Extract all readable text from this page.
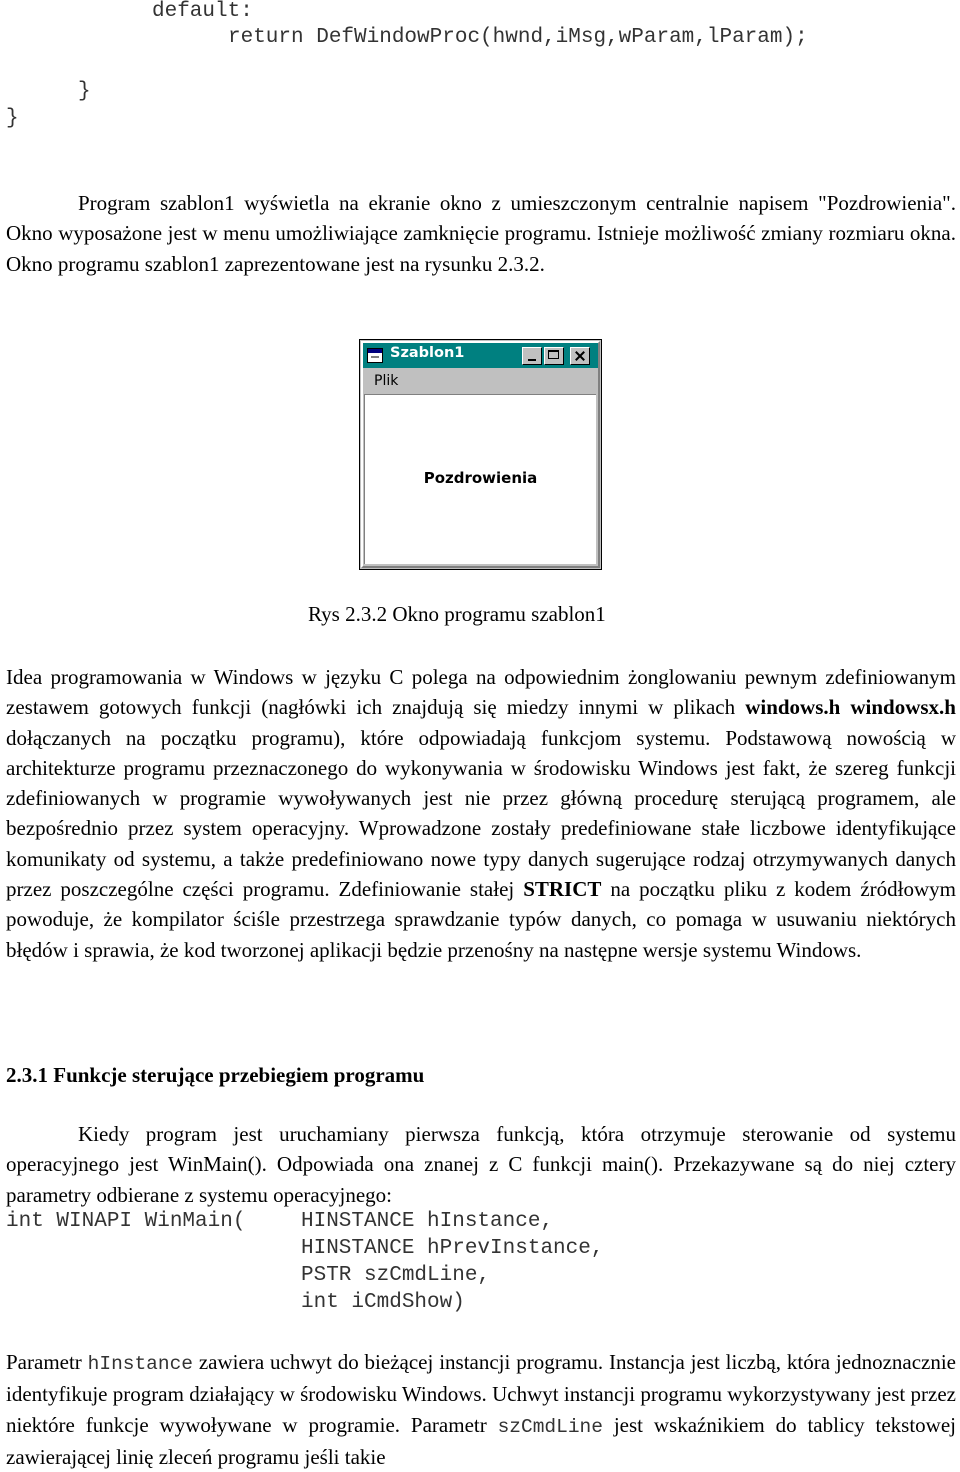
default:
return DefWindowProc(hwnd,iMsg,wParam,lParam);
}
}
Program szablon1 wyświetla na ekranie okno z umieszczonym centralnie napisem "Pozdrowienia". Okno wyposażone jest w menu umożliwiające zamknięcie programu. Istnieje możliwość zmiany rozmiaru okna. Okno programu szablon1 zaprezentowane jest na rysunku 2.3.2.
Szablon1
Plik
Pozdrowienia
Rys 2.3.2 Okno programu szablon1
Idea programowania w Windows w języku C polega na odpowiednim żonglowaniu pewnym zdefiniowanym zestawem gotowych funkcji (nagłówki ich znajdują się miedzy innymi w plikach windows.h windowsx.h dołączanych na początku programu), które odpowiadają funkcjom systemu. Podstawową nowością w architekturze programu przeznaczonego do wykonywania w środowisku Windows jest fakt, że szereg funkcji zdefiniowanych w programie wywoływanych jest nie przez główną procedurę sterującą programem, ale bezpośrednio przez system operacyjny. Wprowadzone zostały predefiniowane stałe liczbowe identyfikujące komunikaty od systemu, a także predefiniowano nowe typy danych sugerujące rodzaj otrzymywanych danych przez poszczególne części programu. Zdefiniowanie stałej STRICT na początku pliku z kodem źródłowym powoduje, że kompilator ściśle przestrzega sprawdzanie typów danych, co pomaga w usuwaniu niektórych błędów i sprawia, że kod tworzonej aplikacji będzie przenośny na następne wersje systemu Windows.
2.3.1 Funkcje sterujące przebiegiem programu
Kiedy program jest uruchamiany pierwsza funkcją, która otrzymuje sterowanie od systemu operacyjnego jest WinMain(). Odpowiada ona znanej z C funkcji main(). Przekazywane są do niej cztery parametry odbierane z systemu operacyjnego:
int WINAPI WinMain(	HINSTANCE hInstance,
HINSTANCE hPrevInstance,
PSTR szCmdLine,
int iCmdShow)
Parametr hInstance zawiera uchwyt do bieżącej instancji programu. Instancja jest liczbą, która jednoznacznie identyfikuje program działający w środowisku Windows. Uchwyt instancji programu wykorzystywany jest przez niektóre funkcje wywoływane w programie. Parametr szCmdLine jest wskaźnikiem do tablicy tekstowej zawierającej linię zleceń programu jeśli takie
